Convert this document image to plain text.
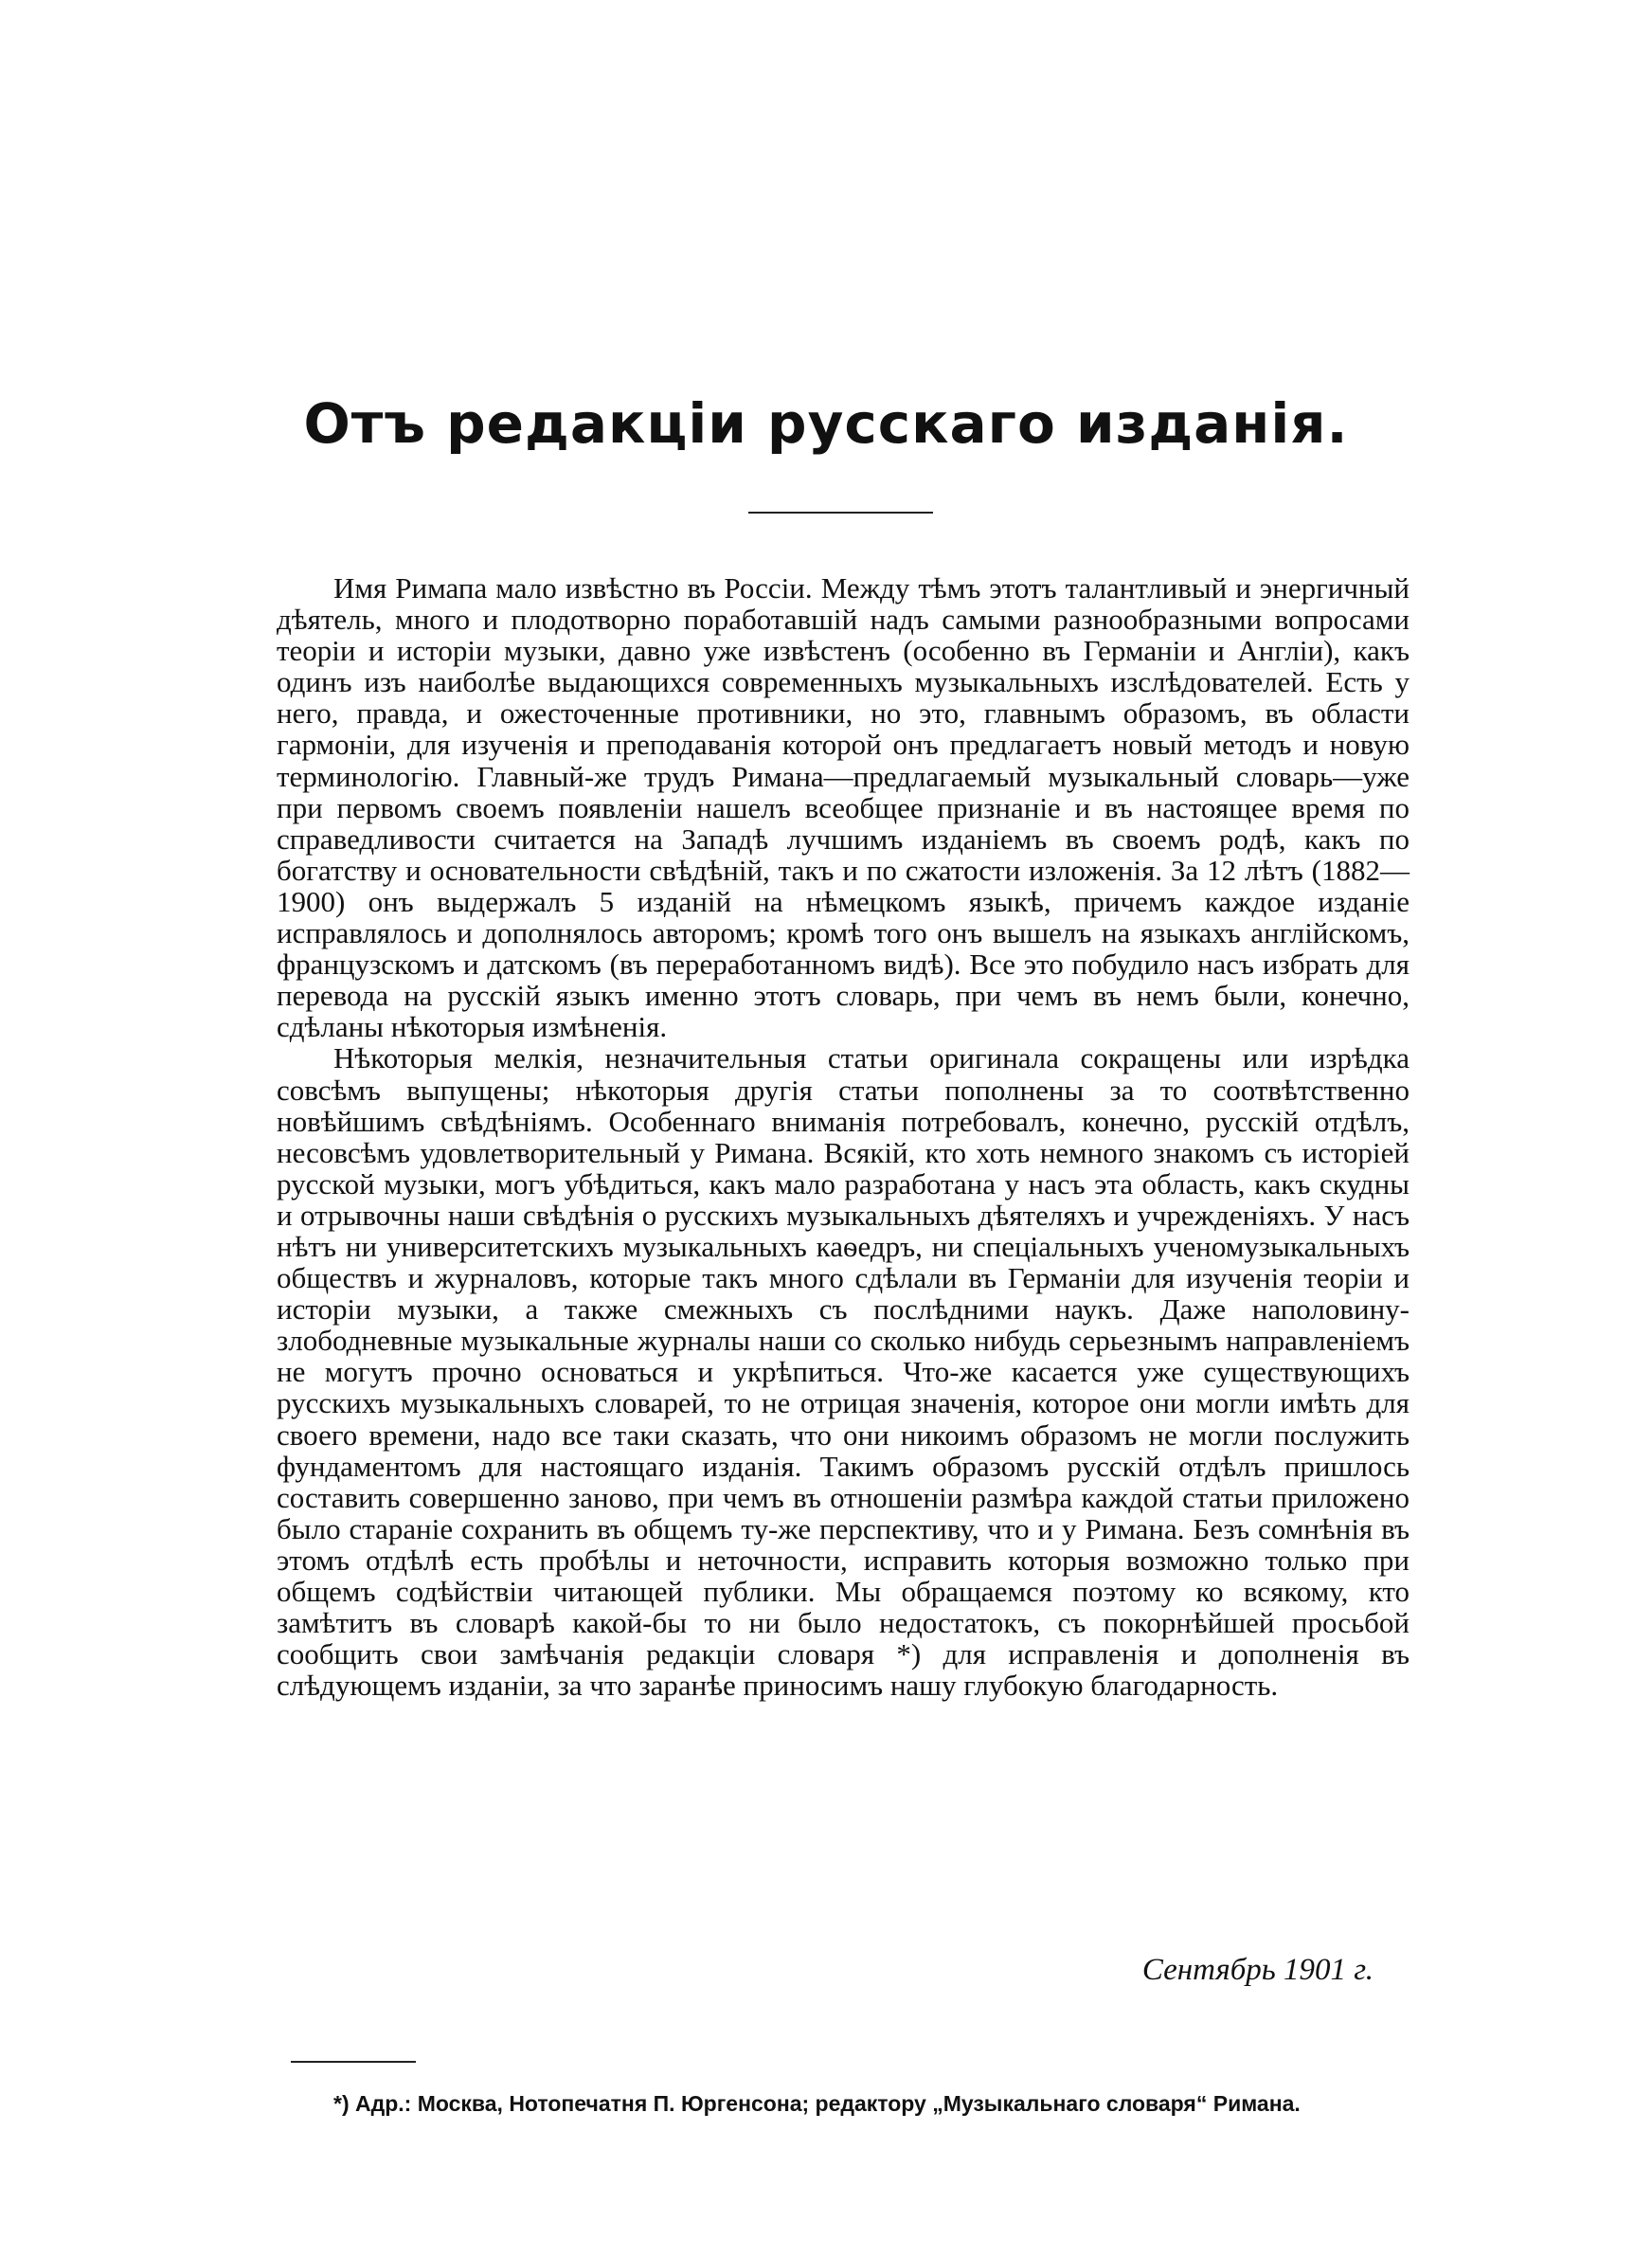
Отъ редакціи русскаго изданія.

Имя Римапа мало извѣстно въ Россіи. Между тѣмъ этотъ талантливый и энергичный дѣятель, много и плодотворно поработавшій надъ самыми разнообразными вопросами теоріи и исторіи музыки, давно уже извѣстенъ (особенно въ Германіи и Англіи), какъ одинъ изъ наиболѣе выдающихся современныхъ музыкальныхъ изслѣдователей. Есть у него, правда, и ожесточенные противники, но это, главнымъ образомъ, въ области гармоніи, для изученія и преподаванія которой онъ предлагаетъ новый методъ и новую терминологію. Главный-же трудъ Римана—предлагаемый музыкальный словарь—уже при первомъ своемъ появленіи нашелъ всеобщее признаніе и въ настоящее время по справедливости считается на Западѣ лучшимъ изданіемъ въ своемъ родѣ, какъ по богатству и основательности свѣдѣній, такъ и по сжатости изложенія. За 12 лѣтъ (1882—1900) онъ выдержалъ 5 изданій на нѣмецкомъ языкѣ, причемъ каждое изданіе исправлялось и дополнялось авторомъ; кромѣ того онъ вышелъ на языкахъ англійскомъ, французскомъ и датскомъ (въ переработанномъ видѣ). Все это побудило насъ избрать для перевода на русскій языкъ именно этотъ словарь, при чемъ въ немъ были, конечно, сдѣланы нѣкоторыя измѣненія.

Нѣкоторыя мелкія, незначительныя статьи оригинала сокращены или изрѣдка совсѣмъ выпущены; нѣкоторыя другія статьи пополнены за то соотвѣтственно новѣйшимъ свѣдѣніямъ. Особеннаго вниманія потребовалъ, конечно, русскій отдѣлъ, несовсѣмъ удовлетворительный у Римана. Всякій, кто хоть немного знакомъ съ исторіей русской музыки, могъ убѣдиться, какъ мало разработана у насъ эта область, какъ скудны и отрывочны наши свѣдѣнія о русскихъ музыкальныхъ дѣятеляхъ и учрежденіяхъ. У насъ нѣтъ ни университетскихъ музыкальныхъ каѳедръ, ни спеціальныхъ ученомузыкальныхъ обществъ и журналовъ, которые такъ много сдѣлали въ Германіи для изученія теоріи и исторіи музыки, а также смежныхъ съ послѣдними наукъ. Даже наполовину-злободневные музыкальные журналы наши со сколько нибудь серьезнымъ направленіемъ не могутъ прочно основаться и укрѣпиться. Что-же касается уже существующихъ русскихъ музыкальныхъ словарей, то не отрицая значенія, которое они могли имѣть для своего времени, надо все таки сказать, что они никоимъ образомъ не могли послужить фундаментомъ для настоящаго изданія. Такимъ образомъ русскій отдѣлъ пришлось составить совершенно заново, при чемъ въ отношеніи размѣра каждой статьи приложено было стараніе сохранить въ общемъ ту-же перспективу, что и у Римана. Безъ сомнѣнія въ этомъ отдѣлѣ есть пробѣлы и неточности, исправить которыя возможно только при общемъ содѣйствіи читающей публики. Мы обращаемся поэтому ко всякому, кто замѣтитъ въ словарѣ какой-бы то ни было недостатокъ, съ покорнѣйшей просьбой сообщить свои замѣчанія редакціи словаря *) для исправленія и дополненія въ слѣдующемъ изданіи, за что заранѣе приносимъ нашу глубокую благодарность.

Сентябрь 1901 г.

*) Адр.: Москва, Нотопечатня П. Юргенсона; редактору „Музыкальнаго словаря“ Римана.
